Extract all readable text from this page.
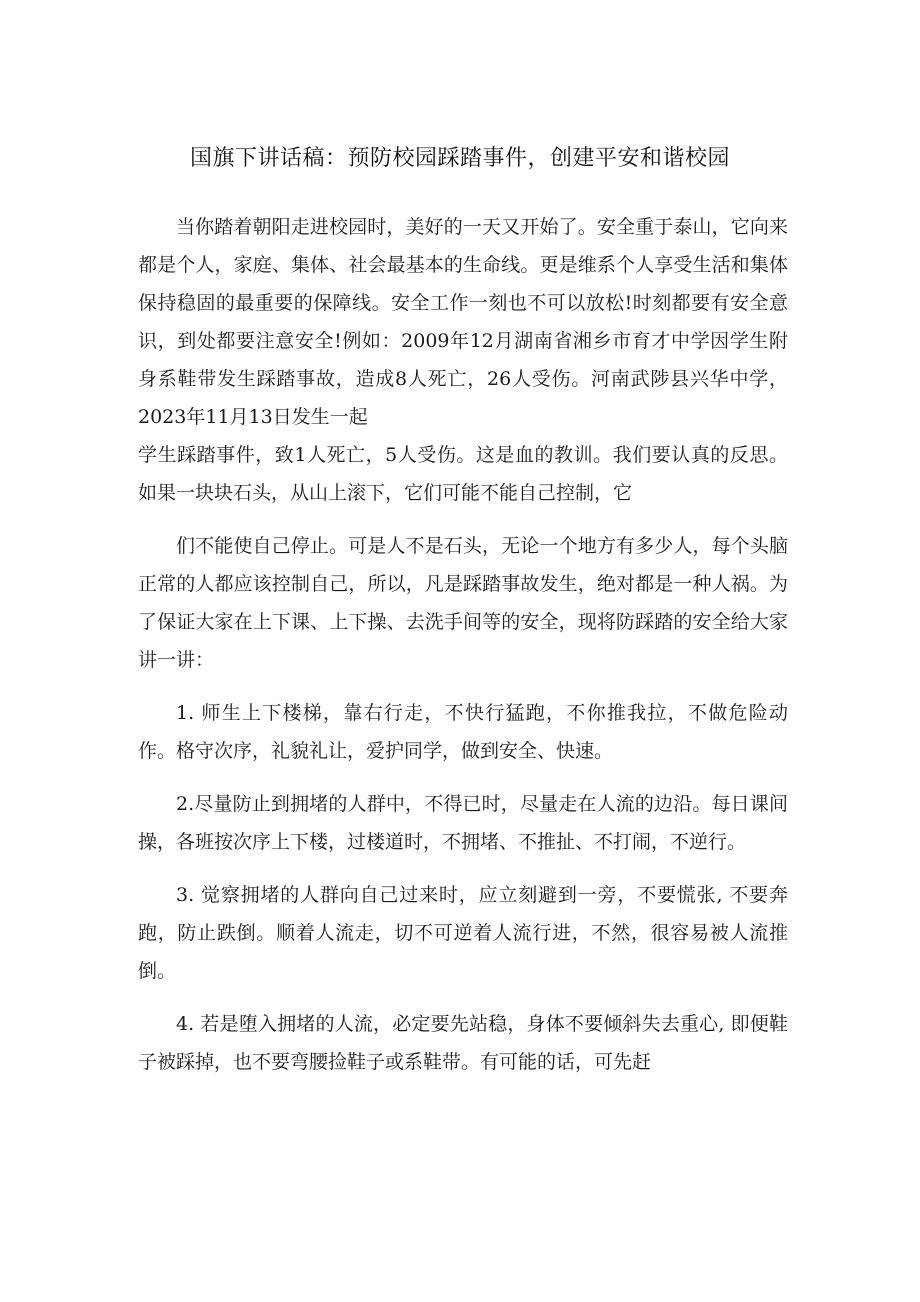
国旗下讲话稿：预防校园踩踏事件，创建平安和谐校园

当你踏着朝阳走进校园时，美好的一天又开始了。安全重于泰山，它向来都是个人，家庭、集体、社会最基本的生命线。更是维系个人享受生活和集体保持稳固的最重要的保障线。安全工作一刻也不可以放松!时刻都要有安全意识，到处都要注意安全!例如：2009年12月湖南省湘乡市育才中学因学生附身系鞋带发生踩踏事故，造成8人死亡，26人受伤。河南武陟县兴华中学，2023年11月13日发生一起

学生踩踏事件，致1人死亡，5人受伤。这是血的教训。我们要认真的反思。如果一块块石头，从山上滚下，它们可能不能自己控制，它

们不能使自己停止。可是人不是石头，无论一个地方有多少人，每个头脑正常的人都应该控制自己，所以，凡是踩踏事故发生，绝对都是一种人祸。为了保证大家在上下课、上下操、去洗手间等的安全，现将防踩踏的安全给大家讲一讲：

1. 师生上下楼梯，靠右行走，不快行猛跑，不你推我拉，不做危险动作。格守次序，礼貌礼让，爱护同学，做到安全、快速。

2.尽量防止到拥堵的人群中，不得已时，尽量走在人流的边沿。每日课间操，各班按次序上下楼，过楼道时，不拥堵、不推扯、不打闹，不逆行。

3. 觉察拥堵的人群向自己过来时，应立刻避到一旁，不要慌张, 不要奔跑，防止跌倒。顺着人流走，切不可逆着人流行进，不然，很容易被人流推倒。

4. 若是堕入拥堵的人流，必定要先站稳，身体不要倾斜失去重心, 即便鞋子被踩掉，也不要弯腰捡鞋子或系鞋带。有可能的话，可先赶
